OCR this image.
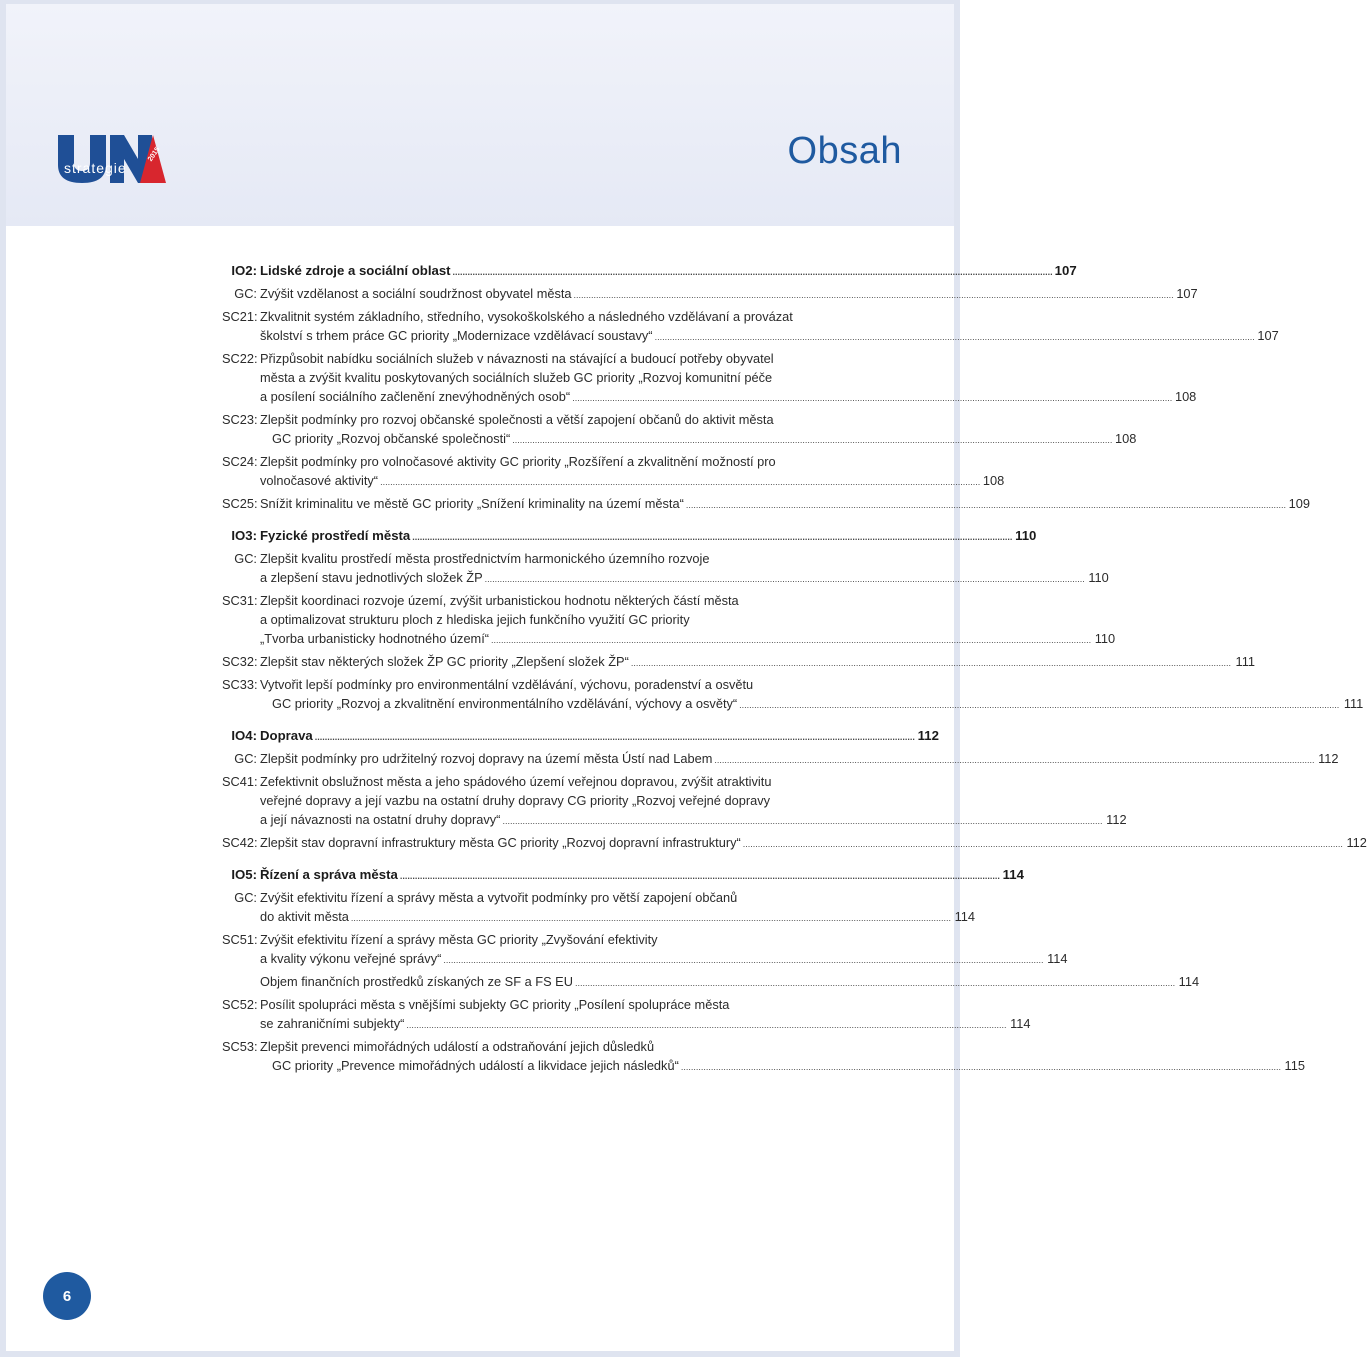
strategie
2015	Obsah
IO2: Lidské zdroje a sociální oblast .....	107
GC: Zvýšit vzdělanost a sociální soudržnost obyvatel města .....	107
SC21: Zkvalitnit systém základního, středního, vysokoškolského a následného vzdělávaní a provázat
školství s trhem práce GC priority „Modernizace vzdělávací soustavy“ .....	107
SC22: Přizpůsobit nabídku sociálních služeb v návaznosti na stávající a budoucí potřeby obyvatel
města a zvýšit kvalitu poskytovaných sociálních služeb GC priority „Rozvoj komunitní péče
a posílení sociálního začlenění znevýhodněných osob“ .....	108
SC23: Zlepšit podmínky pro rozvoj občanské společnosti a větší zapojení občanů do aktivit města
GC priority „Rozvoj občanské společnosti“ .....	108
SC24: Zlepšit podmínky pro volnočasové aktivity GC priority „Rozšíření a zkvalitnění možností pro
volnočasové aktivity“ .....	108
SC25: Snížit kriminalitu ve městě GC priority „Snížení kriminality na území města“ .....	109
IO3: Fyzické prostředí města .....	110
GC: Zlepšit kvalitu prostředí města prostřednictvím harmonického územního rozvoje
a zlepšení stavu jednotlivých složek ŽP .....	110
SC31: Zlepšit koordinaci rozvoje území, zvýšit urbanistickou hodnotu některých částí města
a optimalizovat strukturu ploch z hlediska jejich funkčního využití GC priority
„Tvorba urbanisticky hodnotného území“ .....	110
SC32: Zlepšit stav některých složek ŽP GC priority „Zlepšení složek ŽP“ .....	111
SC33: Vytvořit lepší podmínky pro environmentální vzdělávání, výchovu, poradenství a osvětu
GC priority „Rozvoj a zkvalitnění environmentálního vzdělávání, výchovy a osvěty“ .....	111
IO4: Doprava .....	112
GC: Zlepšit podmínky pro udržitelný rozvoj dopravy na území města Ústí nad Labem .....	112
SC41: Zefektivnit obslužnost města a jeho spádového území veřejnou dopravou, zvýšit atraktivitu
veřejné dopravy a její vazbu na ostatní druhy dopravy CG priority „Rozvoj veřejné dopravy
a její návaznosti na ostatní druhy dopravy“ .....	112
SC42: Zlepšit stav dopravní infrastruktury města GC priority „Rozvoj dopravní infrastruktury“ .....	112
IO5: Řízení a správa města .....	114
GC: Zvýšit efektivitu řízení a správy města a vytvořit podmínky pro větší zapojení občanů
do aktivit města .....	114
SC51: Zvýšit efektivitu řízení a správy města GC priority „Zvyšování efektivity
a kvality výkonu veřejné správy“ .....	114
Objem finančních prostředků získaných ze SF a FS EU .....	114
SC52: Posílit spolupráci města s vnějšími subjekty GC priority „Posílení spolupráce města
se zahraničními subjekty“ .....	114
SC53: Zlepšit prevenci mimořádných událostí a odstraňování jejich důsledků
GC priority „Prevence mimořádných událostí a likvidace jejich následků“ .....	115
6
